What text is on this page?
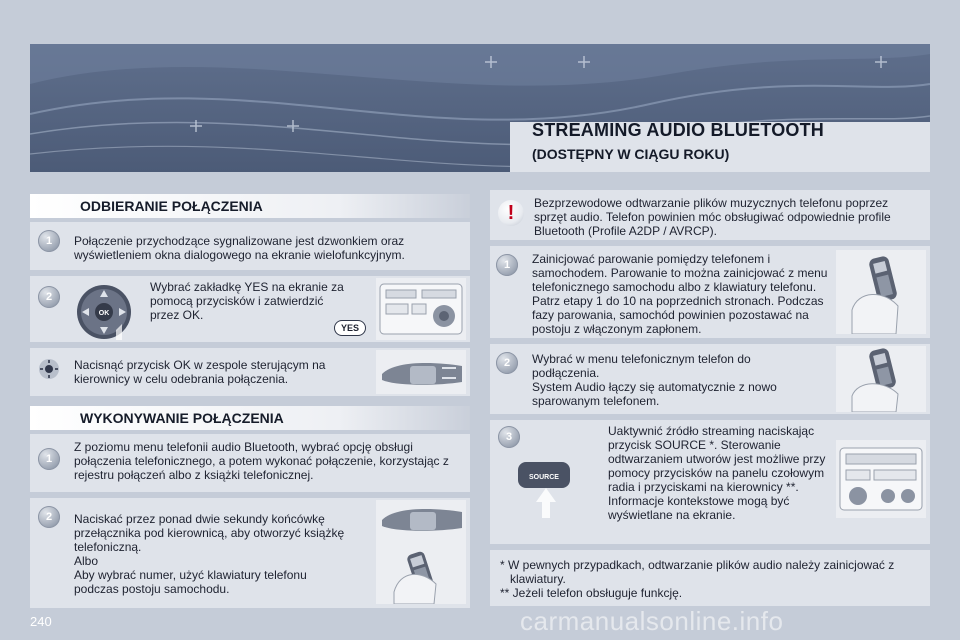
STREAMING AUDIO BLUETOOTH
(DOSTĘPNY W CIĄGU ROKU)
ODBIERANIE POŁĄCZENIA
1	Połączenie przychodzące sygnalizowane jest dzwonkiem oraz wyświetleniem okna dialogowego na ekranie wielofunkcyjnym.
2
OK
Wybrać zakładkę YES na ekranie za pomocą przycisków i zatwierdzić przez OK.
YES
Nacisnąć przycisk OK w zespole sterującym na kierownicy w celu odebrania połączenia.
WYKONYWANIE POŁĄCZENIA
1
Z poziomu menu telefonii audio Bluetooth, wybrać opcję obsługi połączenia telefonicznego, a potem wykonać połączenie, korzystając z rejestru połączeń albo z książki telefonicznej.
2	Naciskać przez ponad dwie sekundy końcówkę
przełącznika pod kierownicą, aby otworzyć książkę
telefoniczną.
Albo
Aby wybrać numer, użyć klawiatury telefonu
podczas postoju samochodu.
!	Bezprzewodowe odtwarzanie plików muzycznych telefonu poprzez sprzęt audio. Telefon powinien móc obsługiwać odpowiednie profile Bluetooth (Profile A2DP / AVRCP).
1	Zainicjować parowanie pomiędzy telefonem i samochodem. Parowanie to można zainicjować z menu telefonicznego samochodu albo z klawiatury telefonu. Patrz etapy 1 do 10 na poprzednich stronach. Podczas fazy parowania, samochód powinien pozostawać na postoju z włączonym zapłonem.
2	Wybrać w menu telefonicznym telefon do
podłączenia.
System Audio łączy się automatycznie z nowo
sparowanym telefonem.
3
SOURCE
Uaktywnić źródło streaming naciskając przycisk SOURCE *. Sterowanie odtwarzaniem utworów jest możliwe przy pomocy przycisków na panelu czołowym radia i przyciskami na kierownicy **. Informacje kontekstowe mogą być wyświetlane na ekranie.
* W pewnych przypadkach, odtwarzanie plików audio należy zainicjować z klawiatury.
** Jeżeli telefon obsługuje funkcję.
240	carmanualsonline.info
